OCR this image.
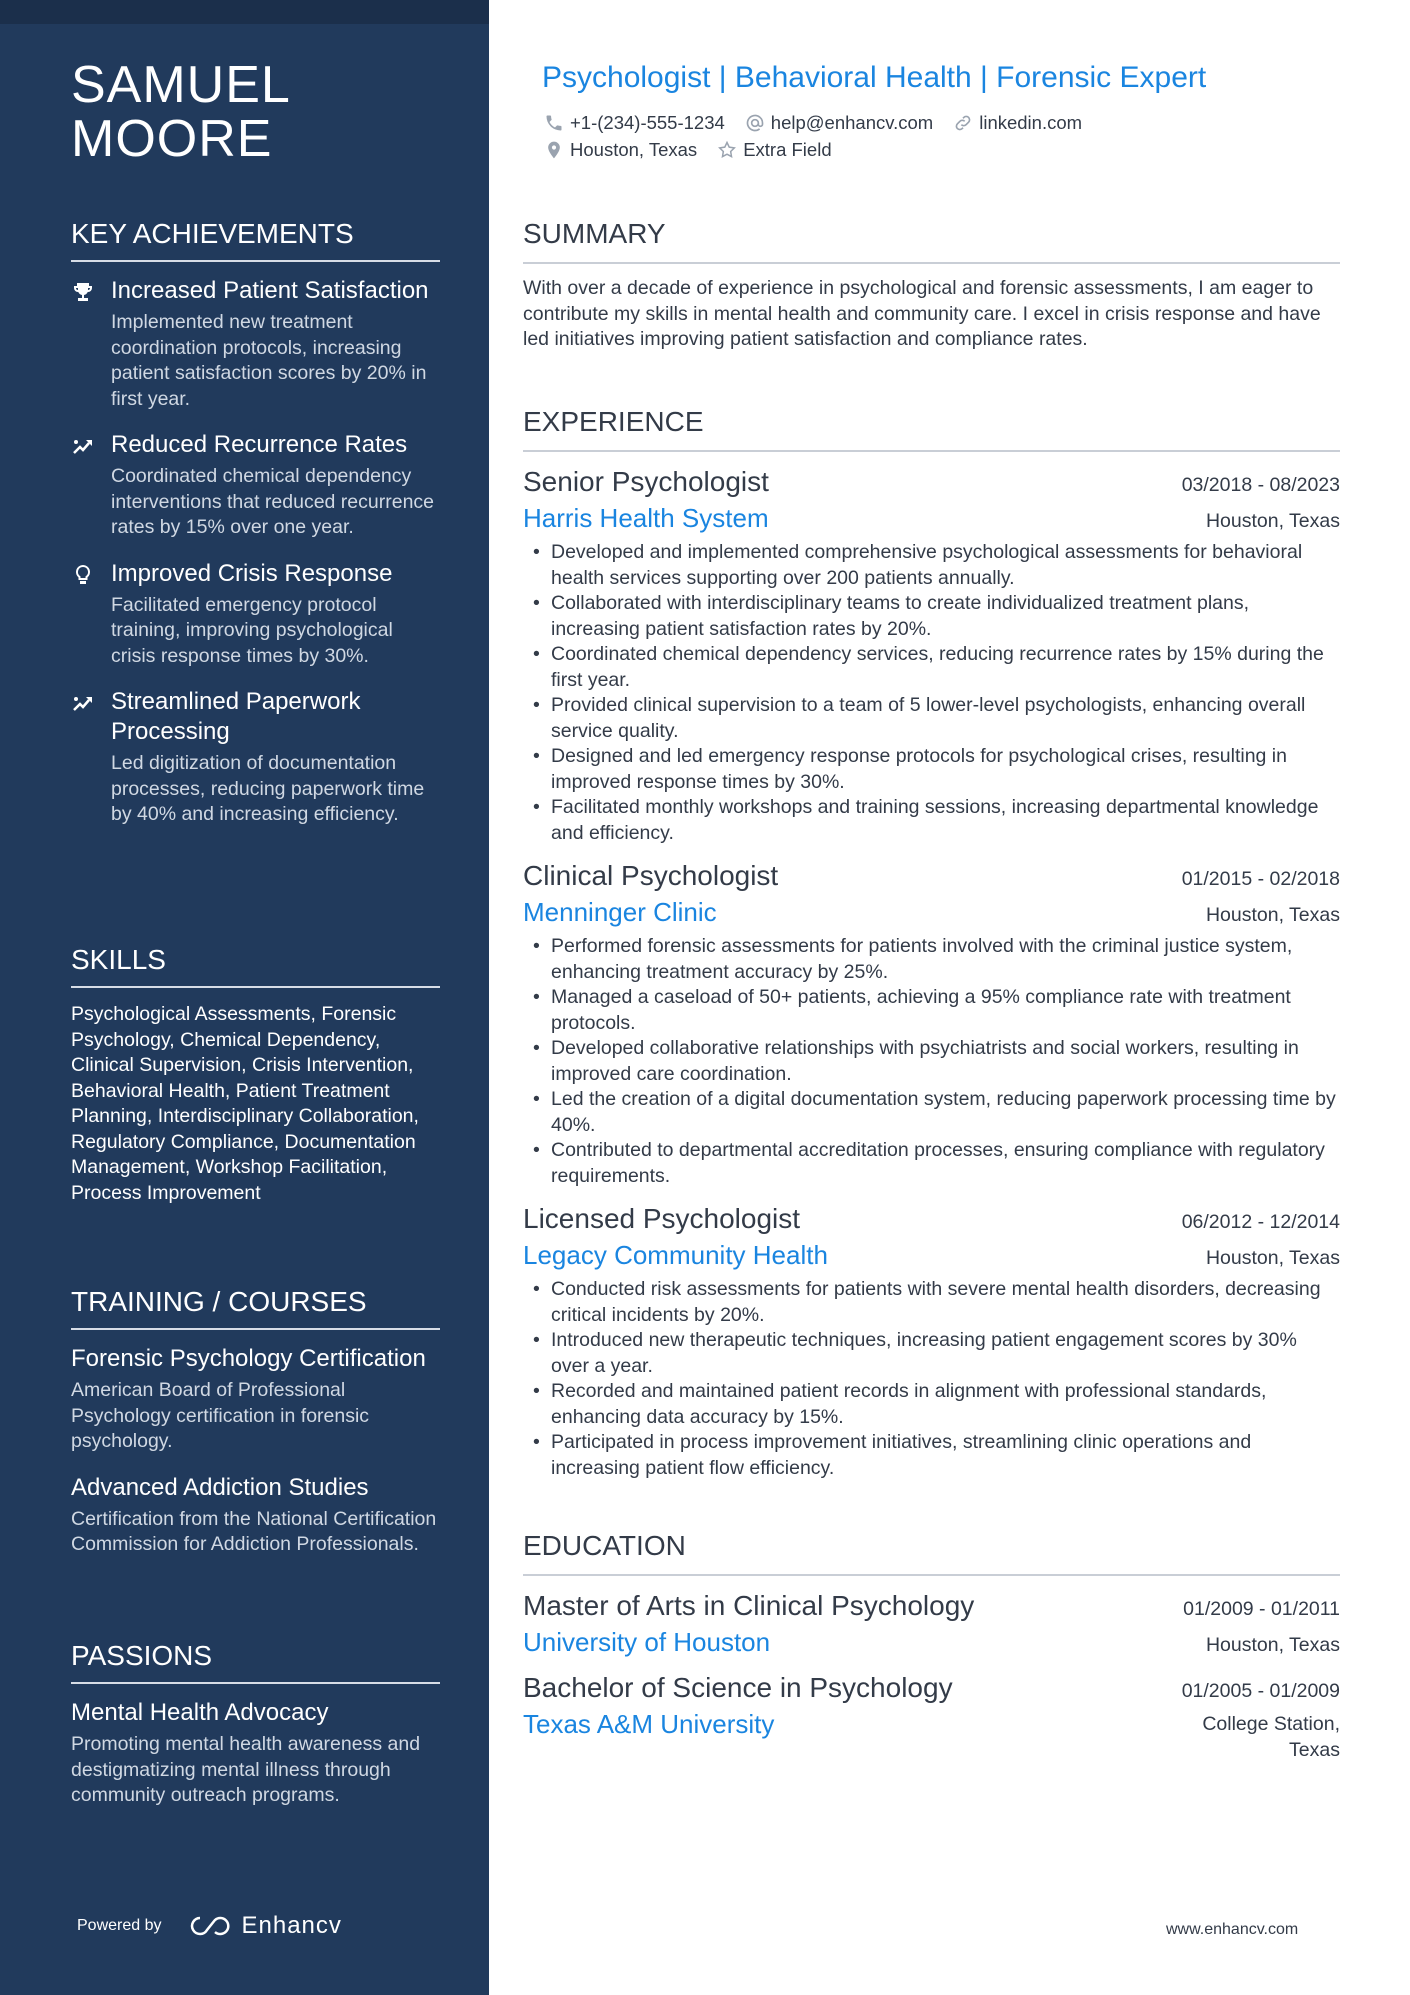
SAMUEL
MOORE
KEY ACHIEVEMENTS
Increased Patient Satisfaction
Implemented new treatment coordination protocols, increasing patient satisfaction scores by 20% in first year.
Reduced Recurrence Rates
Coordinated chemical dependency interventions that reduced recurrence rates by 15% over one year.
Improved Crisis Response
Facilitated emergency protocol training, improving psychological crisis response times by 30%.
Streamlined Paperwork Processing
Led digitization of documentation processes, reducing paperwork time by 40% and increasing efficiency.
SKILLS
Psychological Assessments, Forensic Psychology, Chemical Dependency, Clinical Supervision, Crisis Intervention, Behavioral Health, Patient Treatment Planning, Interdisciplinary Collaboration, Regulatory Compliance, Documentation Management, Workshop Facilitation, Process Improvement
TRAINING / COURSES
Forensic Psychology Certification
American Board of Professional Psychology certification in forensic psychology.
Advanced Addiction Studies
Certification from the National Certification Commission for Addiction Professionals.
PASSIONS
Mental Health Advocacy
Promoting mental health awareness and destigmatizing mental illness through community outreach programs.
Powered by	Enhancv
Psychologist | Behavioral Health | Forensic Expert
+1-(234)-555-1234 help@enhancv.com linkedin.com
Houston, Texas Extra Field
SUMMARY
With over a decade of experience in psychological and forensic assessments, I am eager to contribute my skills in mental health and community care. I excel in crisis response and have led initiatives improving patient satisfaction and compliance rates.
EXPERIENCE
Senior Psychologist	03/2018 - 08/2023
Harris Health System	Houston, Texas
• Developed and implemented comprehensive psychological assessments for behavioral health services supporting over 200 patients annually.
• Collaborated with interdisciplinary teams to create individualized treatment plans, increasing patient satisfaction rates by 20%.
• Coordinated chemical dependency services, reducing recurrence rates by 15% during the first year.
• Provided clinical supervision to a team of 5 lower-level psychologists, enhancing overall service quality.
• Designed and led emergency response protocols for psychological crises, resulting in improved response times by 30%.
• Facilitated monthly workshops and training sessions, increasing departmental knowledge and efficiency.
Clinical Psychologist	01/2015 - 02/2018
Menninger Clinic	Houston, Texas
• Performed forensic assessments for patients involved with the criminal justice system, enhancing treatment accuracy by 25%.
• Managed a caseload of 50+ patients, achieving a 95% compliance rate with treatment protocols.
• Developed collaborative relationships with psychiatrists and social workers, resulting in improved care coordination.
• Led the creation of a digital documentation system, reducing paperwork processing time by 40%.
• Contributed to departmental accreditation processes, ensuring compliance with regulatory requirements.
Licensed Psychologist	06/2012 - 12/2014
Legacy Community Health	Houston, Texas
• Conducted risk assessments for patients with severe mental health disorders, decreasing critical incidents by 20%.
• Introduced new therapeutic techniques, increasing patient engagement scores by 30% over a year.
• Recorded and maintained patient records in alignment with professional standards, enhancing data accuracy by 15%.
• Participated in process improvement initiatives, streamlining clinic operations and increasing patient flow efficiency.
EDUCATION
Master of Arts in Clinical Psychology	01/2009 - 01/2011
University of Houston	Houston, Texas
Bachelor of Science in Psychology	01/2005 - 01/2009
Texas A&M University	College Station,
Texas
www.enhancv.com
